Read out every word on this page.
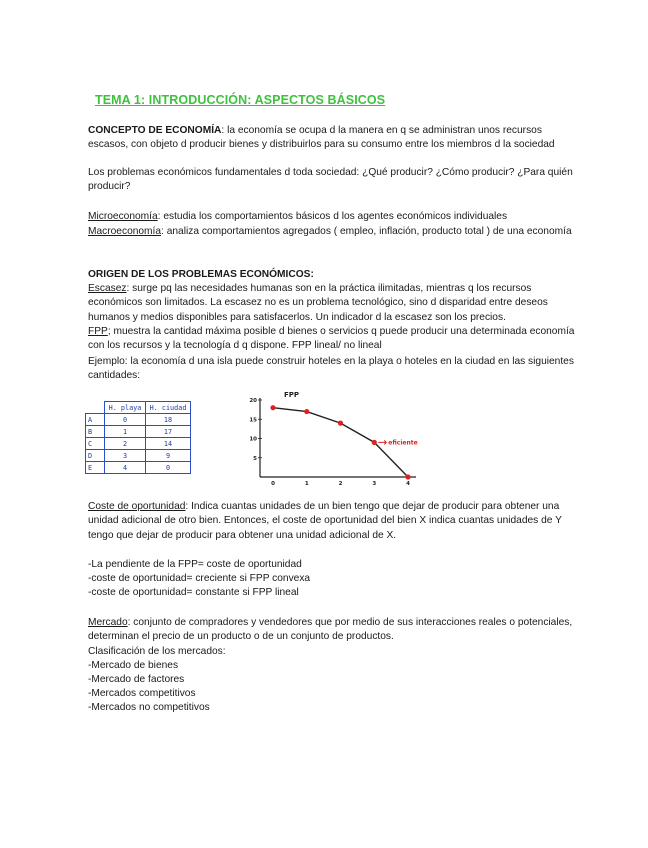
TEMA 1: INTRODUCCIÓN: ASPECTOS BÁSICOS
CONCEPTO DE ECONOMÍA: la economía se ocupa d la manera en q se administran unos recursos escasos, con objeto d producir bienes y distribuirlos para su consumo entre los miembros d la sociedad
Los problemas económicos fundamentales d toda sociedad: ¿Qué producir? ¿Cómo producir? ¿Para quién producir?
Microeconomía: estudia los comportamientos básicos d los agentes económicos individuales
Macroeconomía: analiza comportamientos agregados ( empleo, inflación, producto total ) de una economía
ORIGEN DE LOS PROBLEMAS ECONÓMICOS:
Escasez: surge pq las necesidades humanas son en la práctica ilimitadas, mientras q los recursos económicos son limitados. La escasez no es un problema tecnológico, sino d disparidad entre deseos humanos y medios disponibles para satisfacerlos. Un indicador d la escasez son los precios.
FPP; muestra la cantidad máxima posible d bienes o servicios q puede producir una determinada economía con los recursos y la tecnología d q dispone. FPP lineal/ no lineal
Ejemplo: la economía d una isla puede construir hoteles en la playa o hoteles en la ciudad en las siguientes cantidades:
	H. playa	H. ciudad
A	0	18
B	1	17
C	2	14
D	3	9
E	4	0
FPP
20
15
10
5
0	1	2	3	4
eficiente
Coste de oportunidad: Indica cuantas unidades de un bien tengo que dejar de producir para obtener una unidad adicional de otro bien. Entonces, el coste de oportunidad del bien X indica cuantas unidades de Y tengo que dejar de producir para obtener una unidad adicional de X.
-La pendiente de la FPP= coste de oportunidad
-coste de oportunidad= creciente si FPP convexa
-coste de oportunidad= constante si FPP lineal
Mercado: conjunto de compradores y vendedores que por medio de sus interacciones reales o potenciales, determinan el precio de un producto o de un conjunto de productos.
Clasificación de los mercados:
-Mercado de bienes
-Mercado de factores
-Mercados competitivos
-Mercados no competitivos
